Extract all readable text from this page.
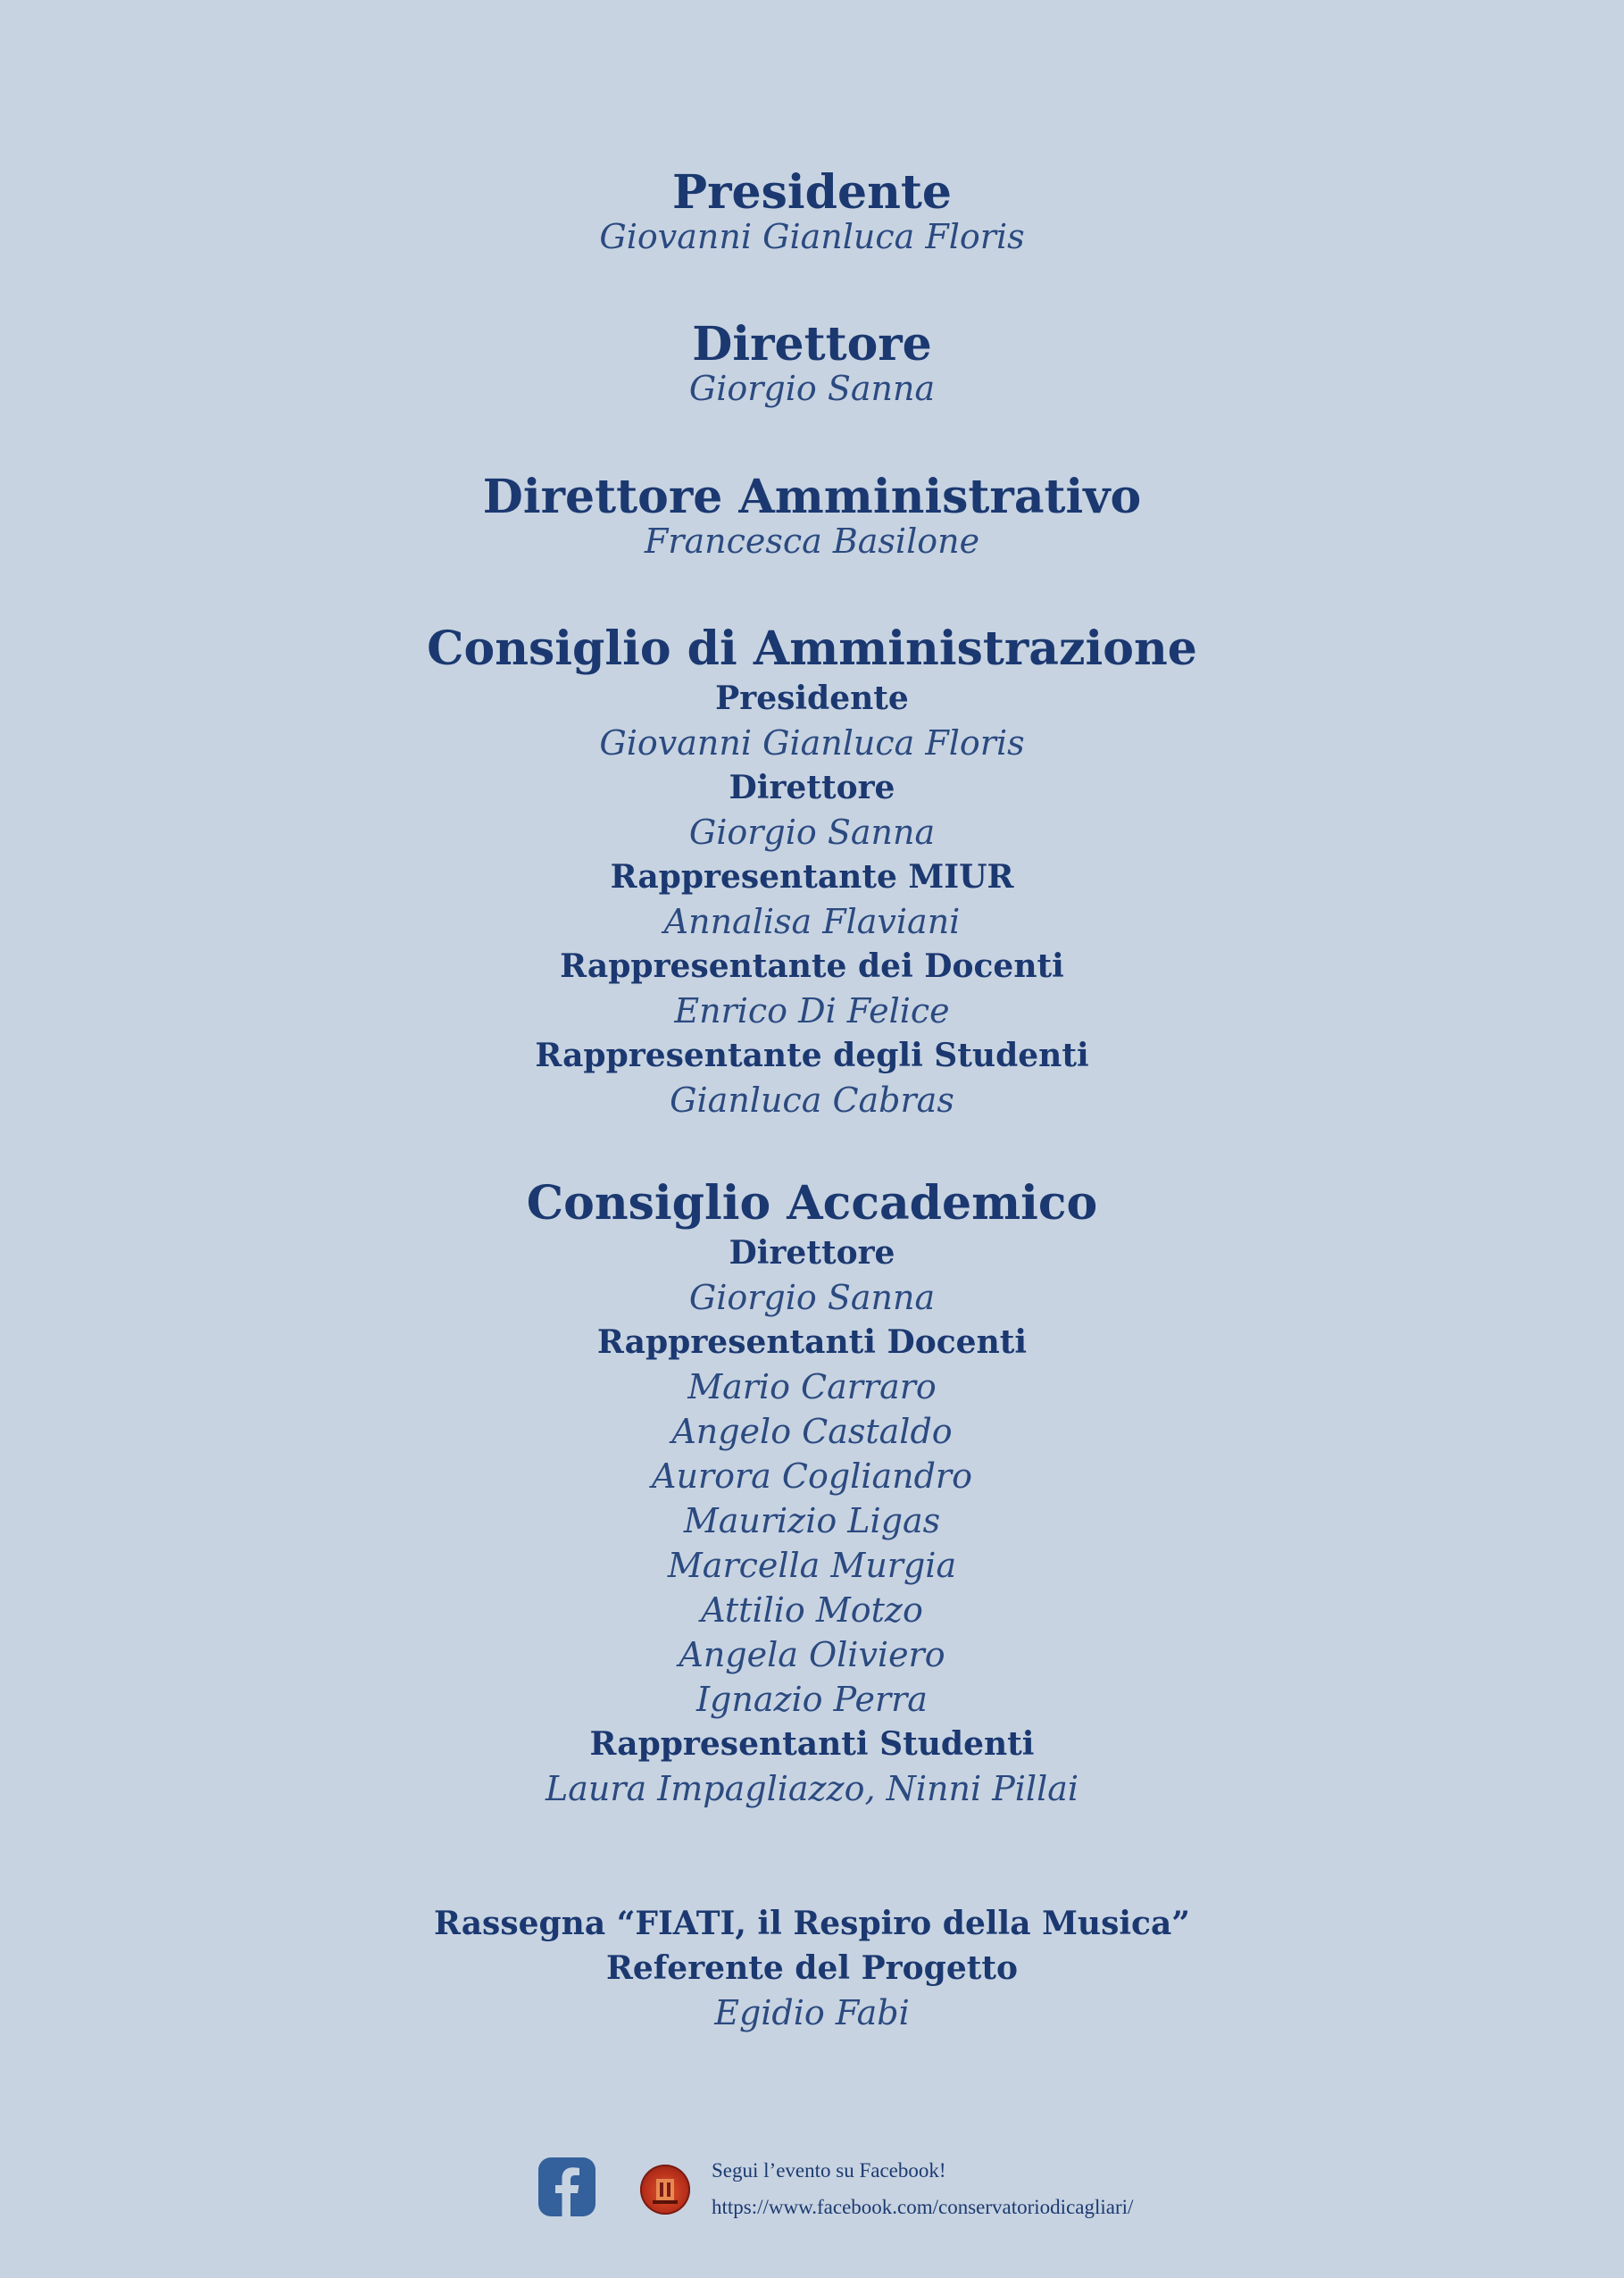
Presidente

Giovanni Gianluca Floris

Direttore

Giorgio Sanna

Direttore Amministrativo

Francesca Basilone

Consiglio di Amministrazione

Presidente

Giovanni Gianluca Floris

Direttore

Giorgio Sanna

Rappresentante MIUR

Annalisa Flaviani

Rappresentante dei Docenti

Enrico Di Felice

Rappresentante degli Studenti

Gianluca Cabras

Consiglio Accademico

Direttore

Giorgio Sanna

Rappresentanti Docenti

Mario Carraro

Angelo Castaldo

Aurora Cogliandro

Maurizio Ligas

Marcella Murgia

Attilio Motzo

Angela Oliviero

Ignazio Perra

Rappresentanti Studenti

Laura Impagliazzo, Ninni Pillai

Rassegna “FIATI, il Respiro della Musica”

Referente del Progetto

Egidio Fabi

Segui l’evento su Facebook!
https://www.facebook.com/conservatoriodicagliari/
